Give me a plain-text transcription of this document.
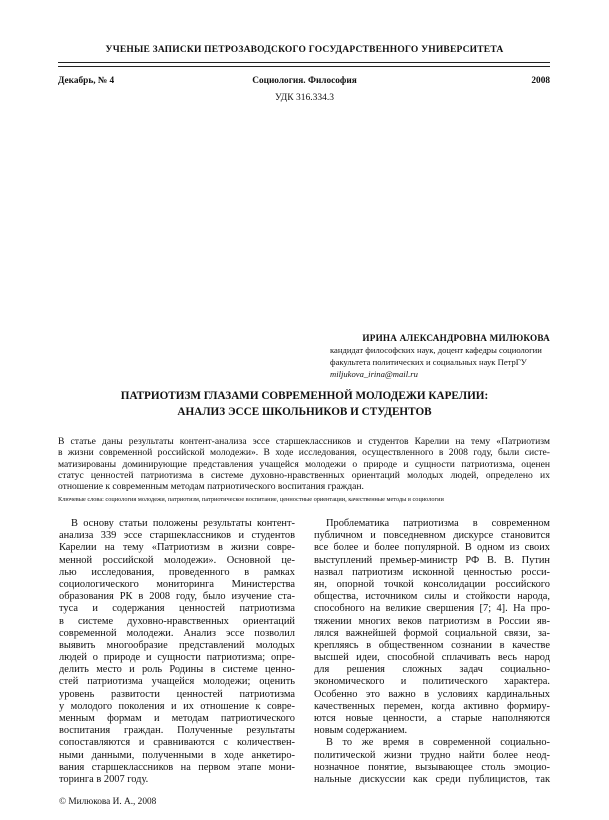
УЧЕНЫЕ ЗАПИСКИ ПЕТРОЗАВОДСКОГО ГОСУДАРСТВЕННОГО УНИВЕРСИТЕТА
Декабрь, № 4	Социология. Философия	2008
УДК 316.334.3
ИРИНА АЛЕКСАНДРОВНА МИЛЮКОВА
кандидат философских наук, доцент кафедры социологии
факультета политических и социальных наук ПетрГУ
miljukova_irina@mail.ru
ПАТРИОТИЗМ ГЛАЗАМИ СОВРЕМЕННОЙ МОЛОДЕЖИ КАРЕЛИИ:
АНАЛИЗ ЭССЕ ШКОЛЬНИКОВ И СТУДЕНТОВ
В статье даны результаты контент-анализа эссе старшеклассников и студентов Карелии на тему «Патриотизм
в жизни современной российской молодежи». В ходе исследования, осуществленного в 2008 году, были систе-
матизированы доминирующие представления учащейся молодежи о природе и сущности патриотизма, оценен
статус ценностей патриотизма в системе духовно-нравственных ориентаций молодых людей, определено их
отношение к современным методам патриотического воспитания граждан.
Ключевые слова: социология молодежи, патриотизм, патриотическое воспитание, ценностные ориентации, качественные методы в социологии
В основу статьи положены результаты контент-
анализа 339 эссе старшеклассников и студентов
Карелии на тему «Патриотизм в жизни совре-
менной российской молодежи». Основной це-
лью исследования, проведенного в рамках
социологического мониторинга Министерства
образования РК в 2008 году, было изучение ста-
туса и содержания ценностей патриотизма
в системе духовно-нравственных ориентаций
современной молодежи. Анализ эссе позволил
выявить многообразие представлений молодых
людей о природе и сущности патриотизма; опре-
делить место и роль Родины в системе ценно-
стей патриотизма учащейся молодежи; оценить
уровень развитости ценностей патриотизма
у молодого поколения и их отношение к совре-
менным формам и методам патриотического
воспитания граждан. Полученные результаты
сопоставляются и сравниваются с количествен-
ными данными, полученными в ходе анкетиро-
вания старшеклассников на первом этапе мони-
торинга в 2007 году.
Проблематика патриотизма в современном
публичном и повседневном дискурсе становится
все более и более популярной. В одном из своих
выступлений премьер-министр РФ В. В. Путин
назвал патриотизм исконной ценностью росси-
ян, опорной точкой консолидации российского
общества, источником силы и стойкости народа,
способного на великие свершения [7; 4]. На про-
тяжении многих веков патриотизм в России яв-
лялся важнейшей формой социальной связи, за-
крепляясь в общественном сознании в качестве
высшей идеи, способной сплачивать весь народ
для решения сложных задач социально-
экономического и политического характера.
Особенно это важно в условиях кардинальных
качественных перемен, когда активно формиру-
ются новые ценности, а старые наполняются
новым содержанием.
В то же время в современной социально-
политической жизни трудно найти более неод-
нозначное понятие, вызывающее столь эмоцио-
нальные дискуссии как среди публицистов, так
© Милюкова И. А., 2008
